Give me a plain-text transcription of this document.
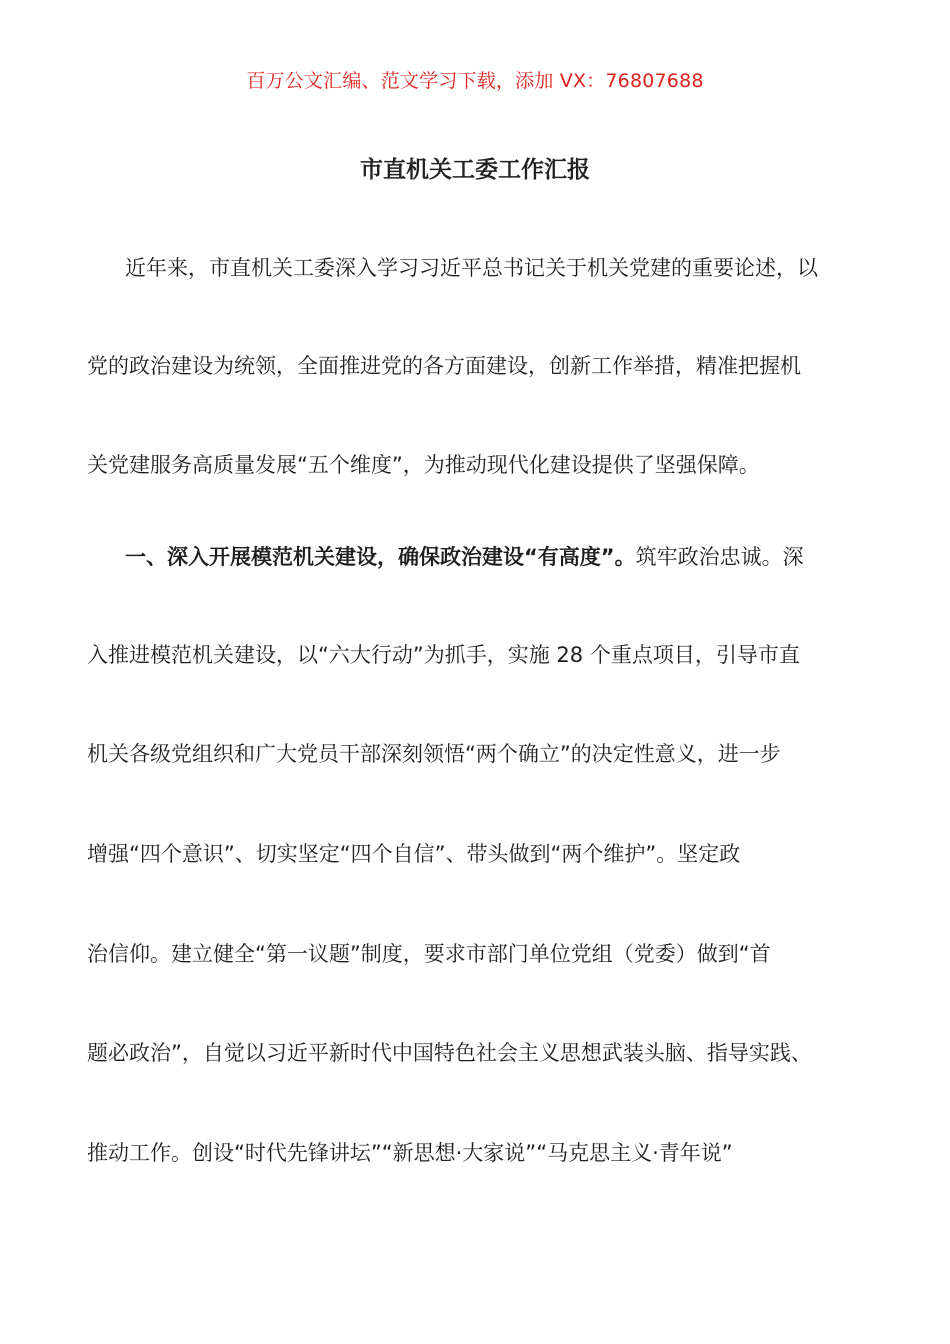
百万公文汇编、范文学习下载，添加 VX：76807688
市直机关工委工作汇报
近年来，市直机关工委深入学习习近平总书记关于机关党建的重要论述，以
党的政治建设为统领，全面推进党的各方面建设，创新工作举措，精准把握机
关党建服务高质量发展“五个维度”，为推动现代化建设提供了坚强保障。
一、深入开展模范机关建设，确保政治建设“有高度”。筑牢政治忠诚。深
入推进模范机关建设，以“六大行动”为抓手，实施 28 个重点项目，引导市直
机关各级党组织和广大党员干部深刻领悟“两个确立”的决定性意义，进一步
增强“四个意识”、切实坚定“四个自信”、带头做到“两个维护”。坚定政
治信仰。建立健全“第一议题”制度，要求市部门单位党组（党委）做到“首
题必政治”，自觉以习近平新时代中国特色社会主义思想武装头脑、指导实践、
推动工作。创设“时代先锋讲坛”“新思想·大家说”“马克思主义·青年说”
